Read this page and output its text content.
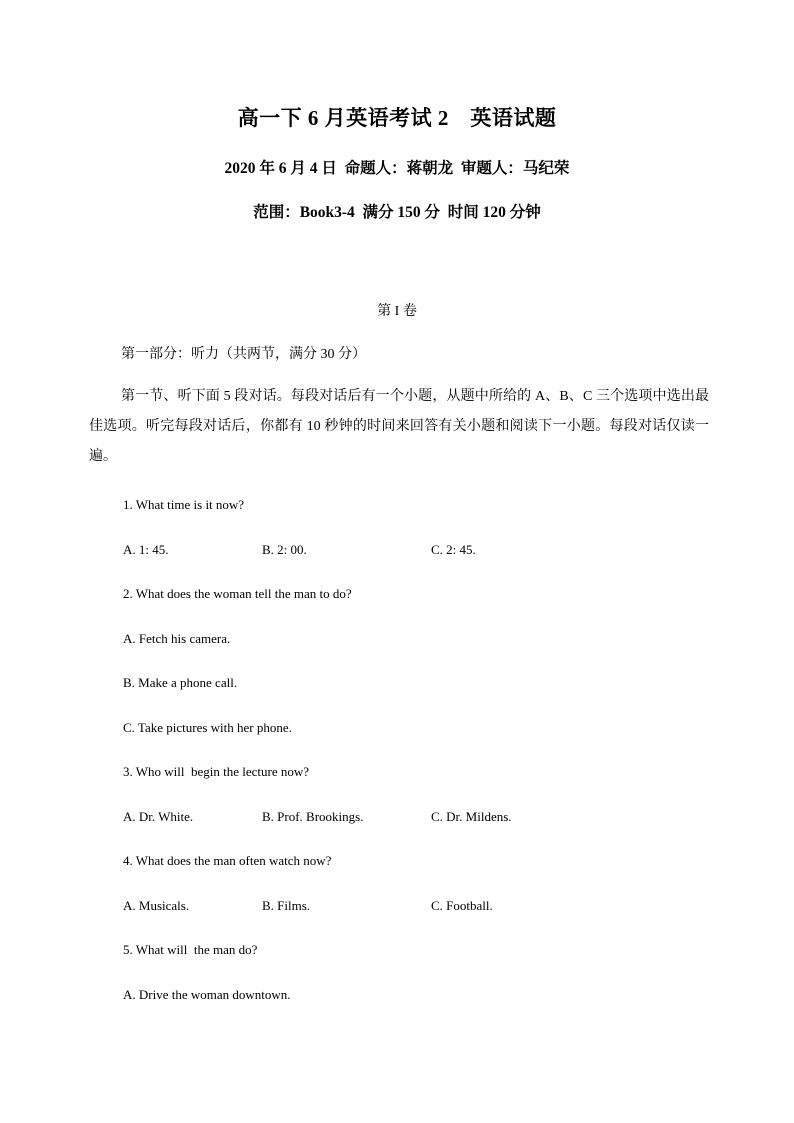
高一下 6 月英语考试 2　英语试题
2020 年 6 月 4 日  命题人：蒋朝龙  审题人：马纪荣
范围：Book3-4  满分 150 分  时间 120 分钟
第 I 卷
第一部分：听力（共两节，满分 30 分）
第一节、听下面 5 段对话。每段对话后有一个小题，从题中所给的 A、B、C 三个选项中选出最佳选项。听完每段对话后，你都有 10 秒钟的时间来回答有关小题和阅读下一小题。每段对话仅读一遍。
1. What time is it now?
A. 1: 45.	B. 2: 00.	C. 2: 45.
2. What does the woman tell the man to do?
A. Fetch his camera.
B. Make a phone call.
C. Take pictures with her phone.
3. Who will  begin the lecture now?
A. Dr. White.	B. Prof. Brookings.	C. Dr. Mildens.
4. What does the man often watch now?
A. Musicals.	B. Films.	C. Football.
5. What will  the man do?
A. Drive the woman downtown.
